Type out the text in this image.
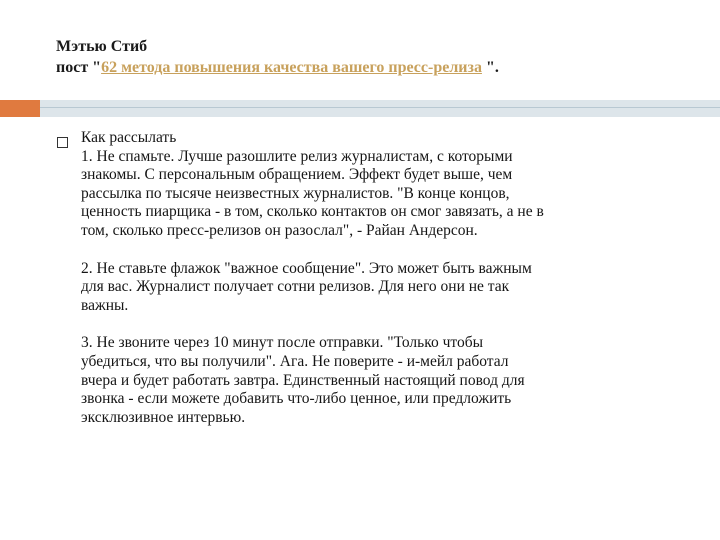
Мэтью Стиб
пост "62 метода повышения качества вашего пресс-релиза ".

Как рассылать

1. Не спамьте. Лучше разошлите релиз журналистам, с которыми
знакомы. С персональным обращением. Эффект будет выше, чем
рассылка по тысяче неизвестных журналистов. "В конце концов,
ценность пиарщика - в том, сколько контактов он смог завязать, а не в
том, сколько пресс-релизов он разослал", - Райан Андерсон.

2. Не ставьте флажок "важное сообщение". Это может быть важным
для вас. Журналист получает сотни релизов. Для него они не так
важны.

3. Не звоните через 10 минут после отправки. "Только чтобы
убедиться, что вы получили". Ага. Не поверите - и-мейл работал
вчера и будет работать завтра. Единственный настоящий повод для
звонка - если можете добавить что-либо ценное, или предложить
эксклюзивное интервью.
